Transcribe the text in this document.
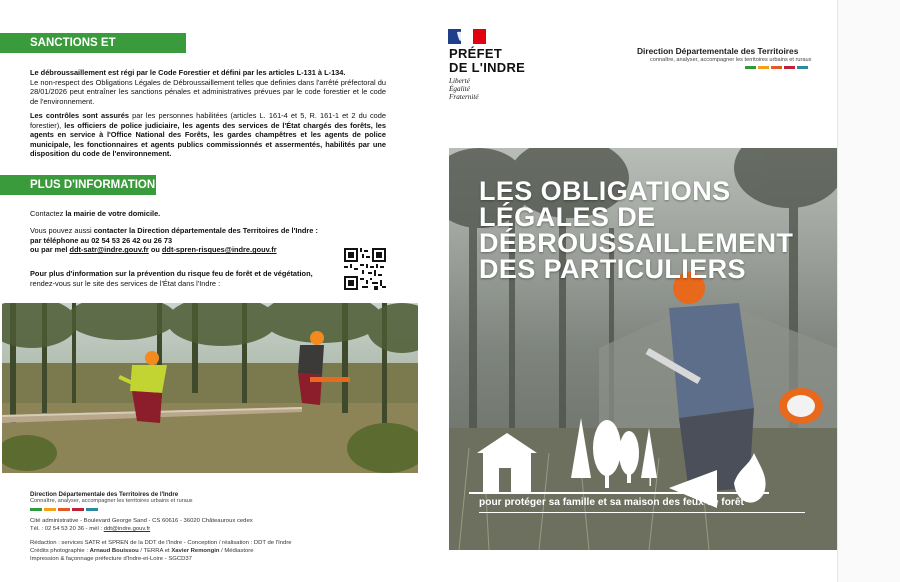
SANCTIONS ET CONTRÔLES
Le débroussaillement est régi par le Code Forestier et défini par les articles L-131 à L-134.
Le non-respect des Obligations Légales de Débroussaillement telles que definies dans l'arrêté préfectoral du 28/01/2026 peut entraîner les sanctions pénales et administratives prévues par le code forestier et le code de l'environnement.
Les contrôles sont assurés par les personnes habilitées (articles L. 161-4 et 5, R. 161-1 et 2 du code forestier), les officiers de police judiciaire, les agents des services de l'État chargés des forêts, les agents en service à l'Office National des Forêts, les gardes champêtres et les agents de police municipale, les fonctionnaires et agents publics commissionnés et assermentés, habilités par une disposition du code de l'environnement.
PLUS D'INFORMATION
Contactez la mairie de votre domicile.
Vous pouvez aussi contacter la Direction départementale des Territoires de l'Indre :
par téléphone au 02 54 53 26 42 ou 26 73
ou par mel ddt-satr@indre.gouv.fr ou ddt-spren-risques@indre.gouv.fr
Pour plus d'information sur la prévention du risque feu de forêt et de végétation,
rendez-vous sur le site des services de l'État dans l'Indre :
Direction Départementale des Territoires de l'Indre
Connaître, analyser, accompagner les territoires urbains et ruraux
Cité administrative - Boulevard George Sand - CS 60616 - 36020 Châteauroux cedex
Tél. : 02 54 53 20 36 - mél : ddt@indre.gouv.fr
Rédaction : services SATR et SPREN de la DDT de l'Indre - Conception / réalisation : DDT de l'Indre
Crédits photographie : Arnaud Bouissou / TERRA et Xavier Remongin / Médiastore
Impression & façonnage préfecture d'Indre-et-Loire - SGCD37
PRÉFET
DE L'INDRE
Liberté
Égalité
Fraternité
Direction Départementale des Territoires
connaître, analyser, accompagner les territoires urbains et ruraux
ì
LES OBLIGATIONS
LÉGALES DE
DÉBROUSSAILLEMENT
DES PARTICULIERS
pour protéger sa famille et sa maison des feux de forêt
